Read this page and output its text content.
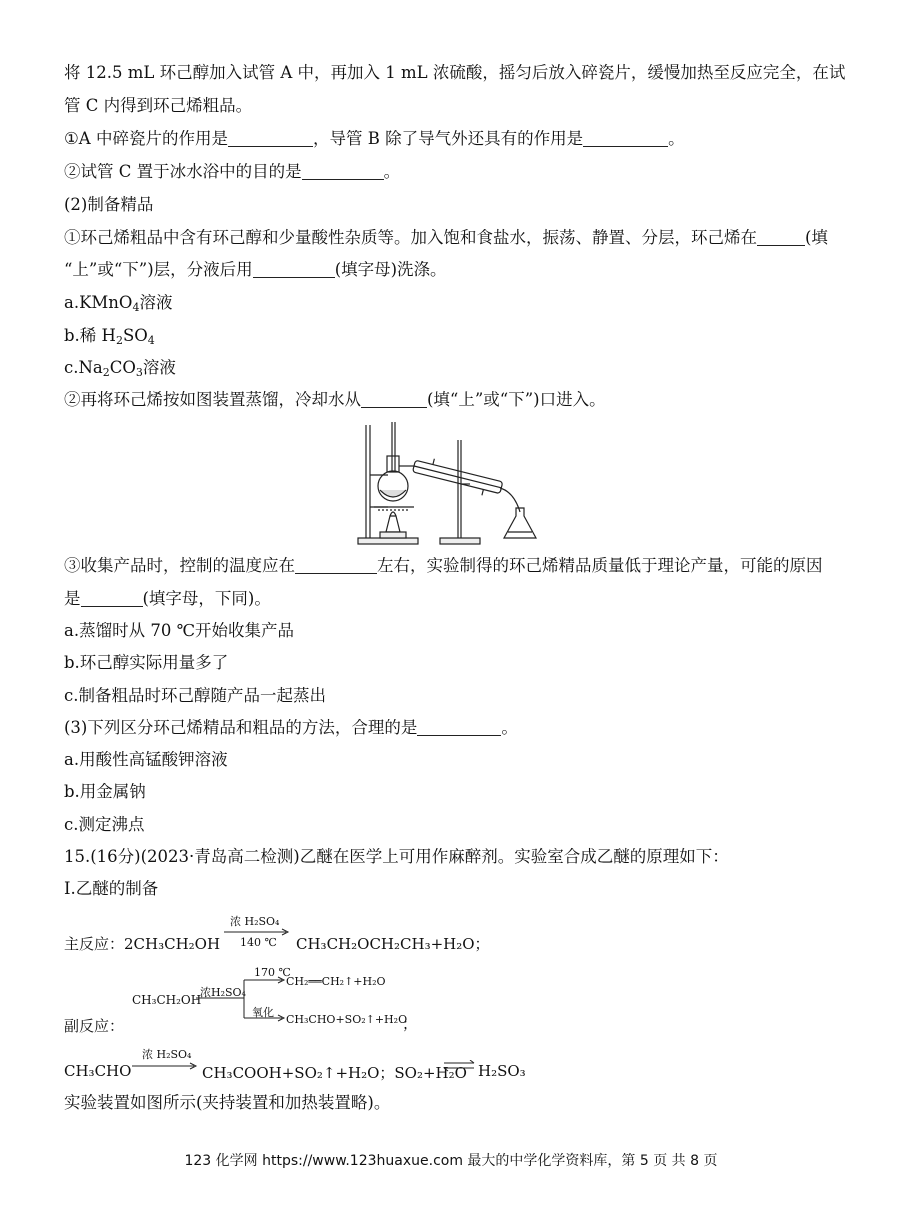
将 12.5 mL 环己醇加入试管 A 中，再加入 1 mL 浓硫酸，摇匀后放入碎瓷片，缓慢加热至反应完全，在试
管 C 内得到环己烯粗品。
①A 中碎瓷片的作用是	，导管 B 除了导气外还具有的作用是	。
②试管 C 置于冰水浴中的目的是	。
(2)制备精品
①环己烯粗品中含有环己醇和少量酸性杂质等。加入饱和食盐水，振荡、静置、分层，环己烯在	(填
“上”或“下”)层，分液后用	(填字母)洗涤。
a.KMnO$_4$溶液
b.稀 $H_2SO_4$
$c.Na_2CO_3$溶液
②再将环己烯按如图装置蒸馏，冷却水从	(填“上”或“下”)口进入。
③收集产品时，控制的温度应在	左右，实验制得的环己烯精品质量低于理论产量，可能的原因
是	(填字母，下同)。
a.蒸馏时从 70 ℃开始收集产品
b.环己醇实际用量多了
c.制备粗品时环己醇随产品一起蒸出
(3)下列区分环己烯精品和粗品的方法，合理的是	。
a.用酸性高锰酸钾溶液
b.用金属钠
c.测定沸点
15.(16分)(2023·青岛高二检测)乙醚在医学上可用作麻醉剂。实验室合成乙醚的原理如下：
Ⅰ.乙醚的制备
主反应：2CH₃CH₂OH
浓 H₂SO₄
140 ℃ CH₃CH₂OCH₂CH₃+H₂O；
CH₃CH₂OH
浓H₂SO₄
170 ℃
CH₂══CH₂↑+H₂O
氧化
CH₃CHO+SO₂↑+H₂O
副反应：	；
CH₃CHO
浓 H₂SO₄
CH₃COOH+SO₂↑+H₂O；SO₂+H₂O ⇌ H₂SO₃
实验装置如图所示(夹持装置和加热装置略)。
123 化学网 https://www.123huaxue.com 最大的中学化学资料库，第 5 页 共 8 页
